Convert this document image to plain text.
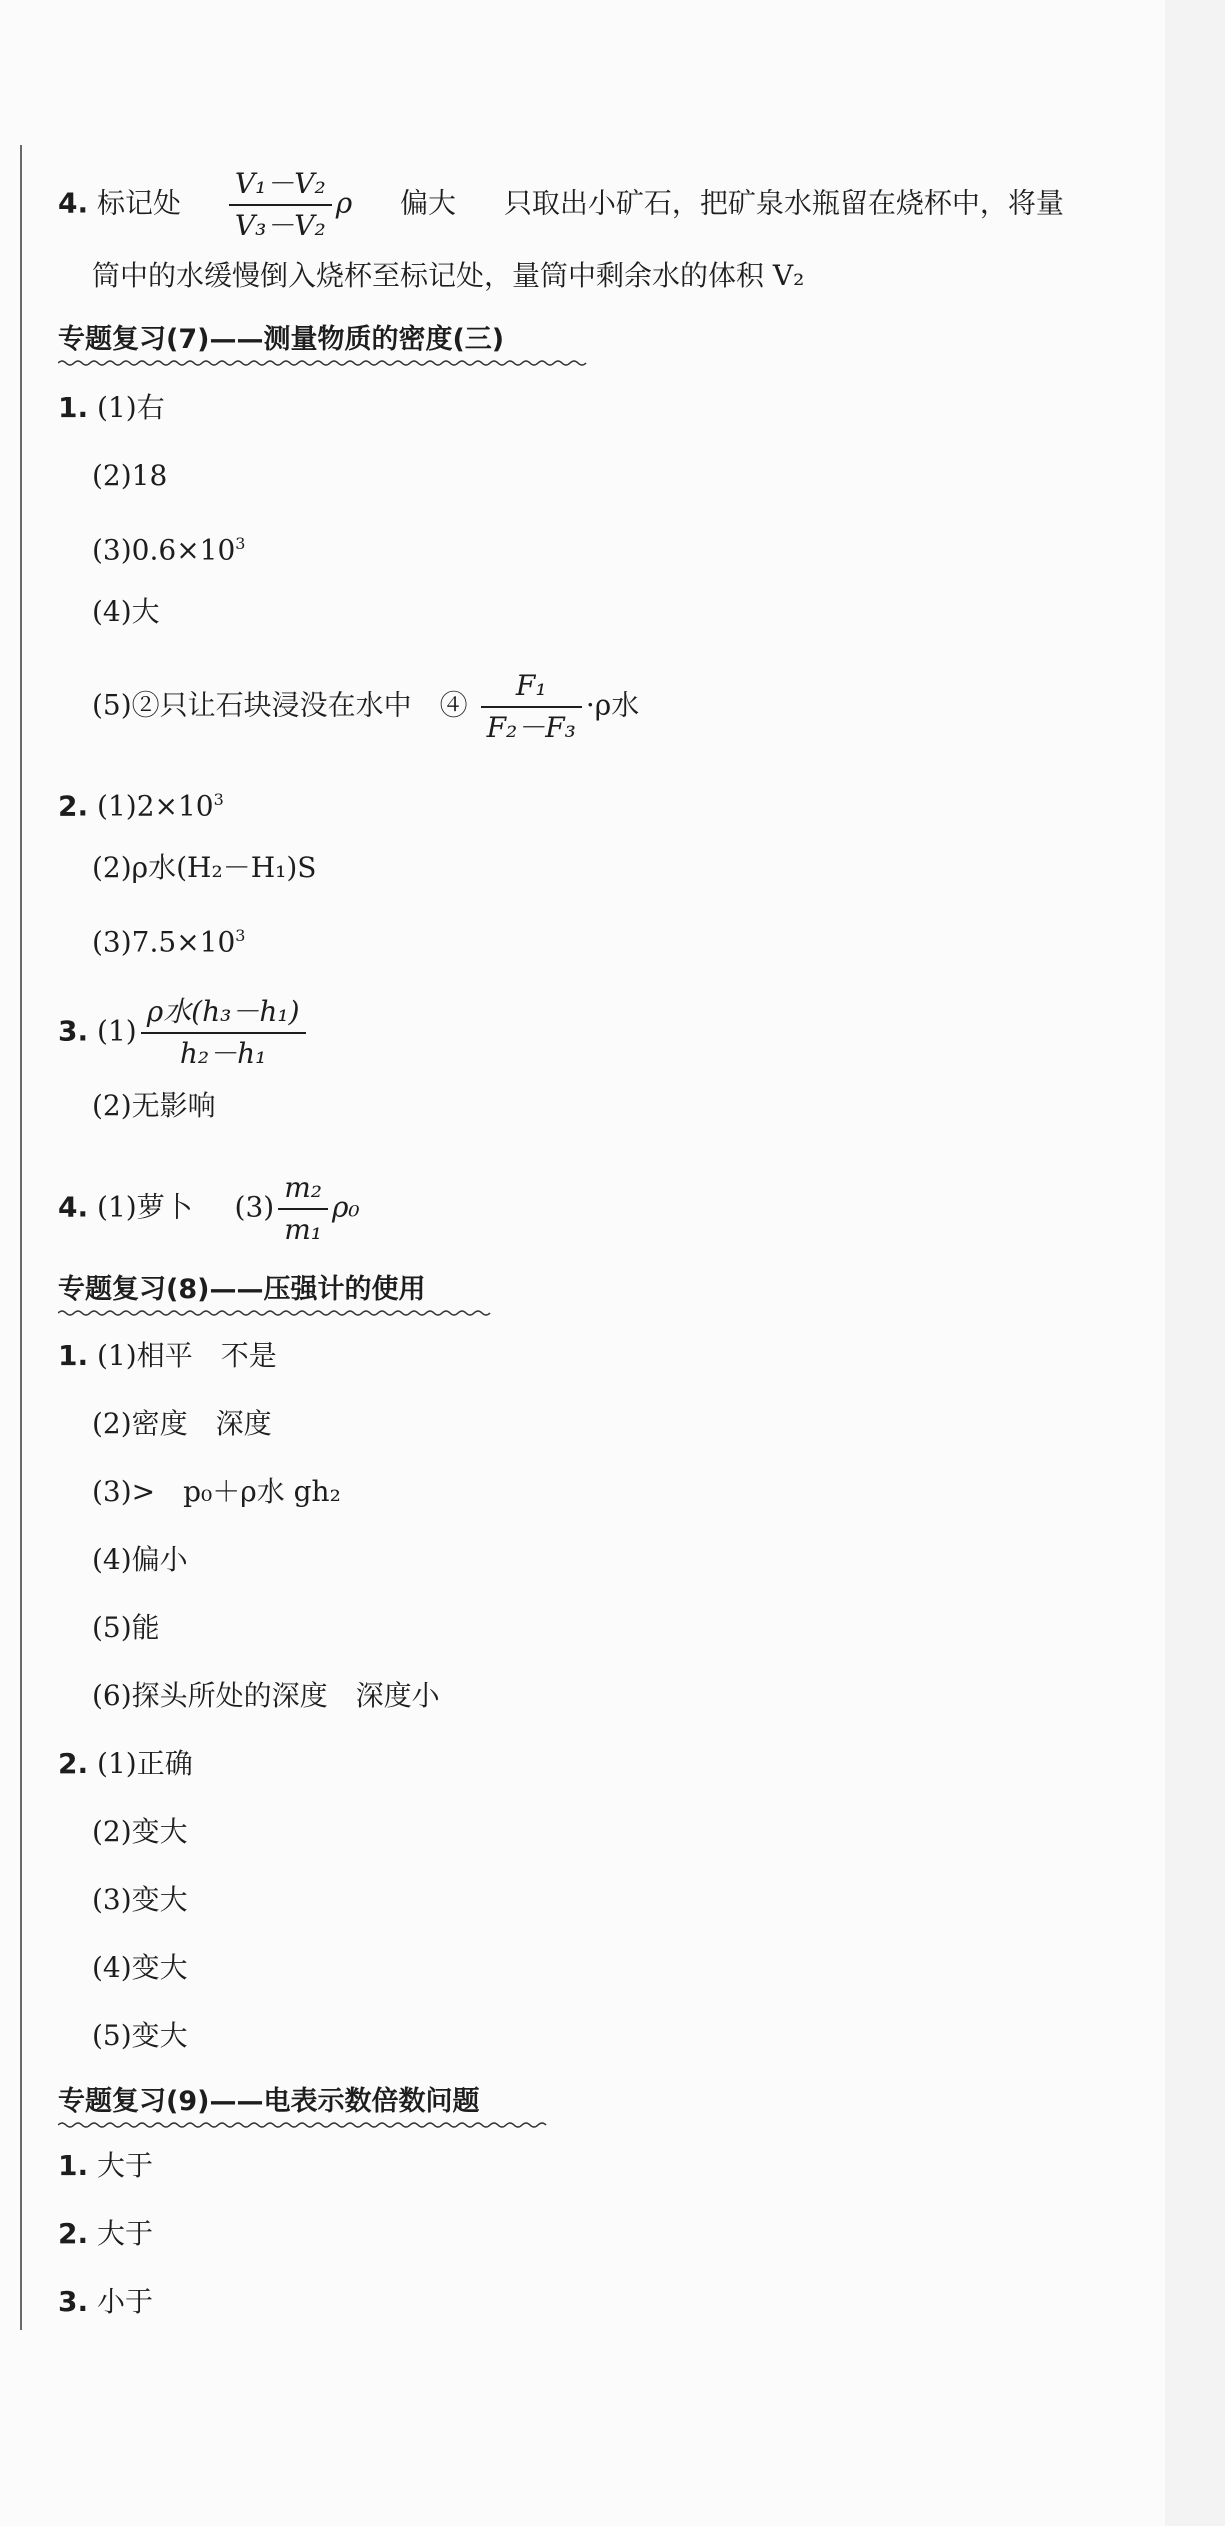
4. 标记处 $\frac{\text{V₁－V₂}}{\text{V₃－V₂}}$ ρ 偏大 只取出小矿石，把矿泉水瓶留在烧杯中，将量
筒中的水缓慢倒入烧杯至标记处，量筒中剩余水的体积 V₂
专题复习(7)——测量物质的密度(三)
1. (1)右
(2)18
$(3)0.6\times 10^3$
(4)大
(5)②只让石块浸没在水中　④ $\frac{\text{F₁}}{\text{F₂－F₃}} \cdot\rho$水
2. $(1)2\times 10^3$
(2)ρ水(H₂－H₁)S
$(3)7.5\times 10^3$
3. $(1) \frac{\text{ρ水(h₃－h₁)}}{\text{h₂－h₁}}$
(2)无影响
4. (1)萝卜 $(3) \frac{\text{m₂}}{\text{m₁}} \rho_0$
专题复习(8)——压强计的使用
1. (1)相平　不是
(2)密度　深度
(3)>　p₀＋ρ水 gh₂
(4)偏小
(5)能
(6)探头所处的深度　深度小
2. (1)正确
(2)变大
(3)变大
(4)变大
(5)变大
专题复习(9)——电表示数倍数问题
1. 大于
2. 大于
3. 小于
